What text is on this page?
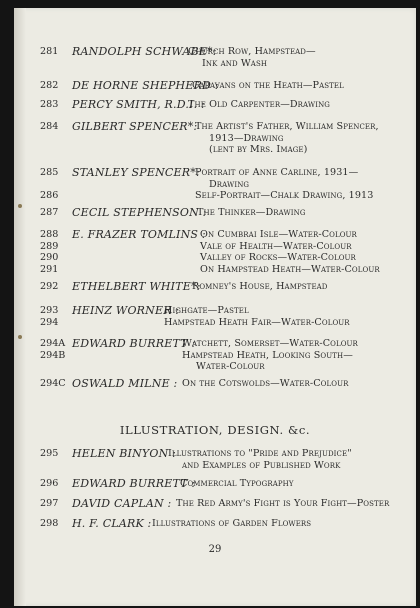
281 RANDOLPH SCHWABE*:
Church Row, Hampstead—
Ink and Wash
282 DE HORNE SHEPHERD :
Caravans on the Heath—Pastel
283 PERCY SMITH, R.D.I. :
The Old Carpenter—Drawing
284 GILBERT SPENCER*:
The Artist's Father, William Spencer,
1913—Drawing
(lent by Mrs. Image)
285 STANLEY SPENCER*:
Portrait of Anne Carline, 1931—
Drawing
286	Self-Portrait—Chalk Drawing, 1913
287 CECIL STEPHENSON :
The Thinker—Drawing
288 E. FRAZER TOMLINS :
On Cumbrai Isle—Water-Colour
289	Vale of Health—Water-Colour
290	Valley of Rocks—Water-Colour
291	On Hampstead Heath—Water-Colour
292 ETHELBERT WHITE*:
Romney's House, Hampstead
293 HEINZ WORNER :
Highgate—Pastel
294	Hampstead Heath Fair—Water-Colour
294A EDWARD BURRETT :
Watchett, Somerset—Water-Colour
294B	Hampstead Heath, Looking South—
Water-Colour
294C OSWALD MILNE : On the Cotswolds—Water-Colour
295 HELEN BINYON :
Illustrations to "Pride and Prejudice"
and Examples of Published Work
296 EDWARD BURRETT :
Commercial Typography
297 DAVID CAPLAN : The Red Army's Fight is Your Fight—Poster
298 H. F. CLARK : Illustrations of Garden Flowers
ILLUSTRATION, DESIGN. &c.
29
